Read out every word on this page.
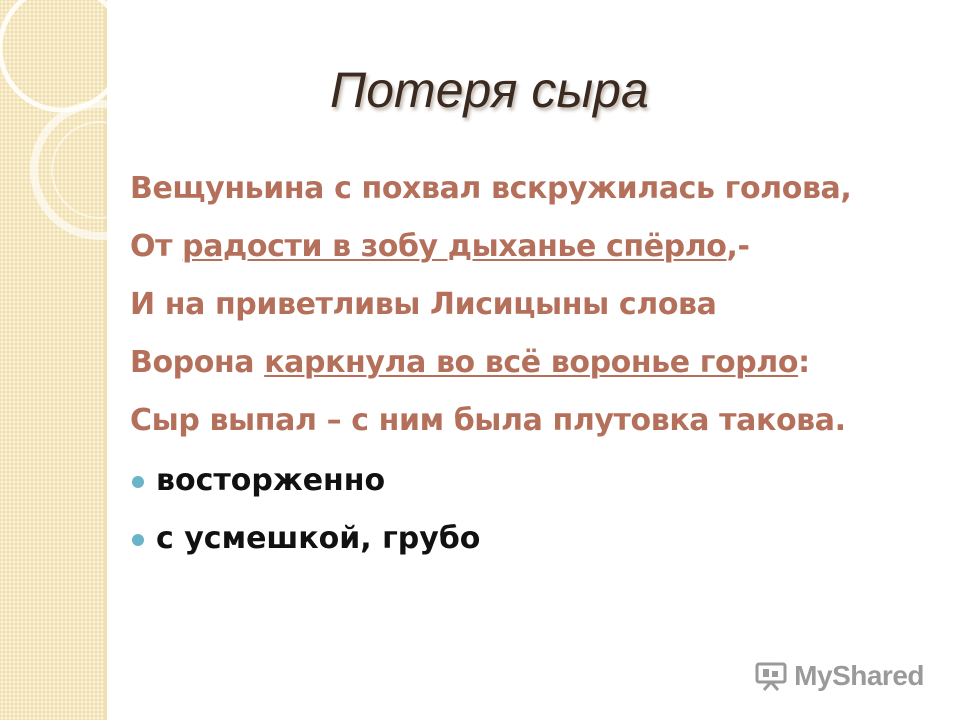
Потеря сыра
Вещуньина с похвал вскружилась голова,
От радости в зобу дыханье спёрло,-
И на приветливы Лисицыны слова
Ворона каркнула во всё воронье горло:
Сыр выпал – с ним была плутовка такова.
восторженно
с усмешкой, грубо
MyShared
